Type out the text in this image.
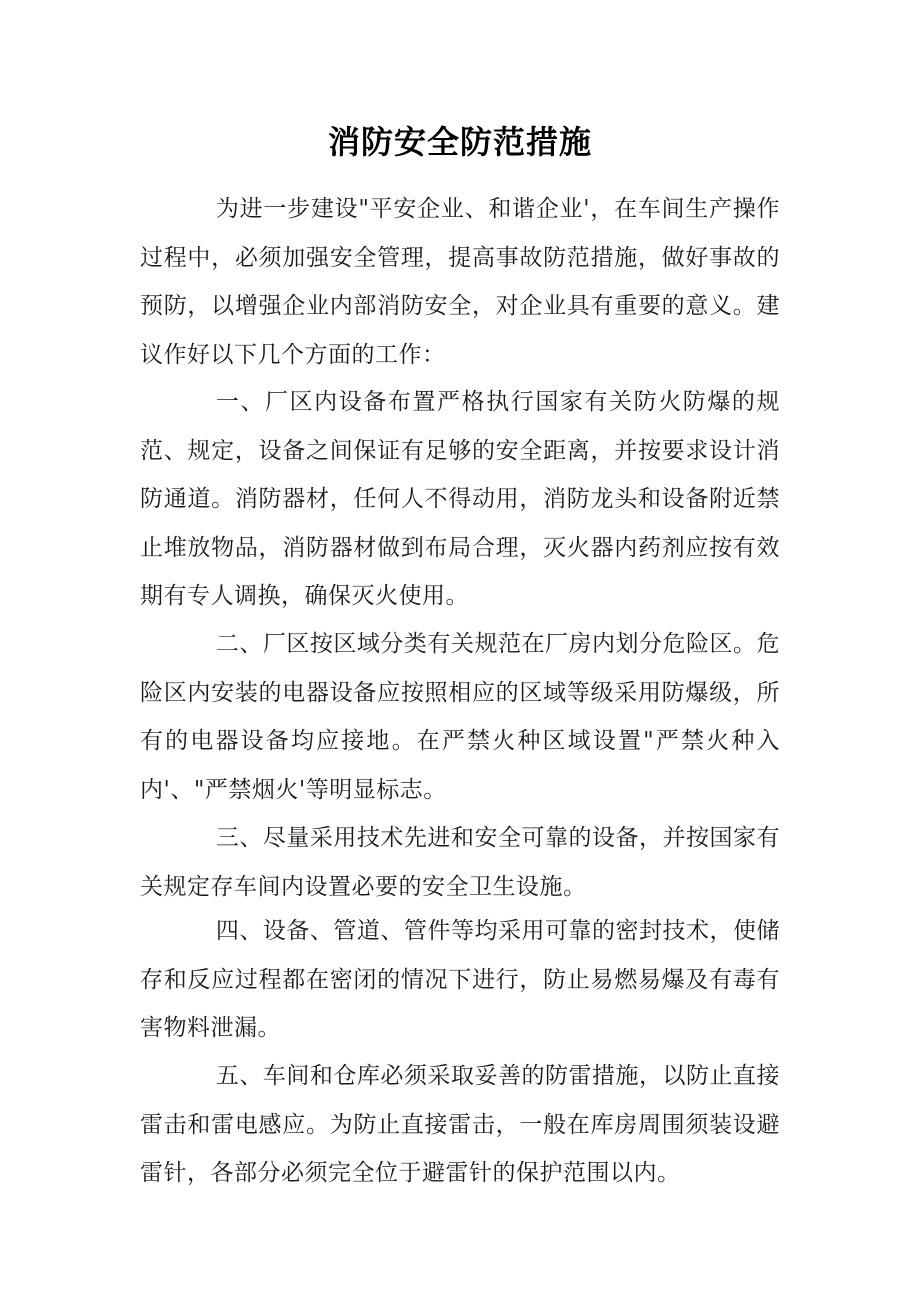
消防安全防范措施

为进一步建设"平安企业、和谐企业'，在车间生产操作过程中，必须加强安全管理，提高事故防范措施，做好事故的预防，以增强企业内部消防安全，对企业具有重要的意义。建议作好以下几个方面的工作：

一、厂区内设备布置严格执行国家有关防火防爆的规范、规定，设备之间保证有足够的安全距离，并按要求设计消防通道。消防器材，任何人不得动用，消防龙头和设备附近禁止堆放物品，消防器材做到布局合理，灭火器内药剂应按有效期有专人调换，确保灭火使用。

二、厂区按区域分类有关规范在厂房内划分危险区。危险区内安装的电器设备应按照相应的区域等级采用防爆级，所有的电器设备均应接地。在严禁火种区域设置"严禁火种入内'、"严禁烟火'等明显标志。

三、尽量采用技术先进和安全可靠的设备，并按国家有关规定存车间内设置必要的安全卫生设施。

四、设备、管道、管件等均采用可靠的密封技术，使储存和反应过程都在密闭的情况下进行，防止易燃易爆及有毒有害物料泄漏。

五、车间和仓库必须采取妥善的防雷措施，以防止直接雷击和雷电感应。为防止直接雷击，一般在库房周围须装设避雷针，各部分必须完全位于避雷针的保护范围以内。
